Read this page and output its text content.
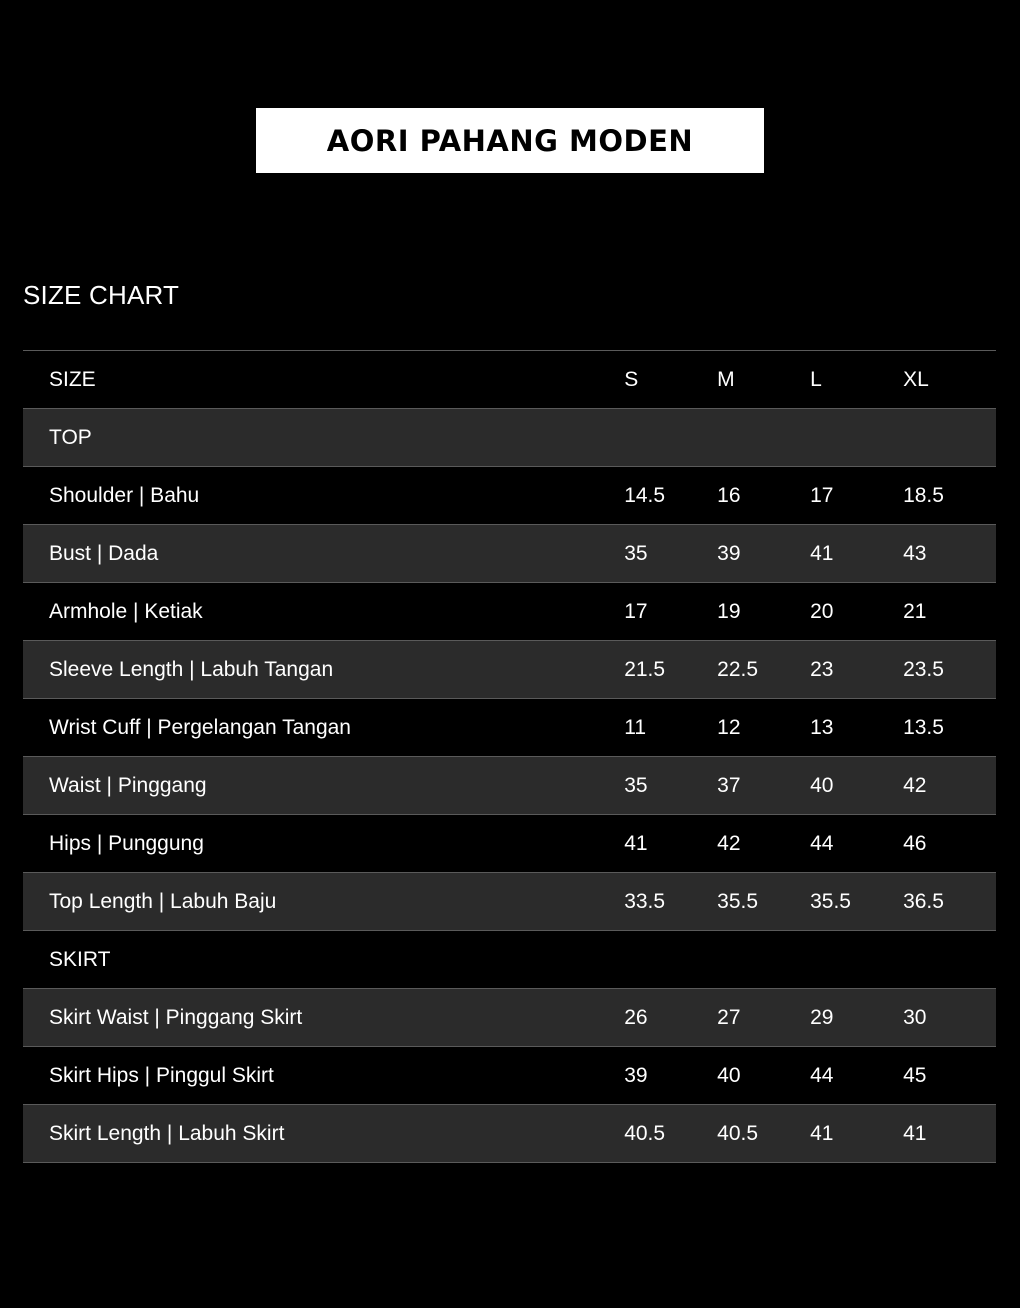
AORI PAHANG MODEN
SIZE CHART
SIZE	S	M	L	XL
TOP
Shoulder | Bahu	14.5	16	17	18.5
Bust | Dada	35	39	41	43
Armhole | Ketiak	17	19	20	21
Sleeve Length | Labuh Tangan	21.5	22.5	23	23.5
Wrist Cuff | Pergelangan Tangan	11	12	13	13.5
Waist | Pinggang	35	37	40	42
Hips | Punggung	41	42	44	46
Top Length | Labuh Baju	33.5	35.5	35.5	36.5
SKIRT
Skirt Waist | Pinggang Skirt	26	27	29	30
Skirt Hips | Pinggul Skirt	39	40	44	45
Skirt Length | Labuh Skirt	40.5	40.5	41	41
